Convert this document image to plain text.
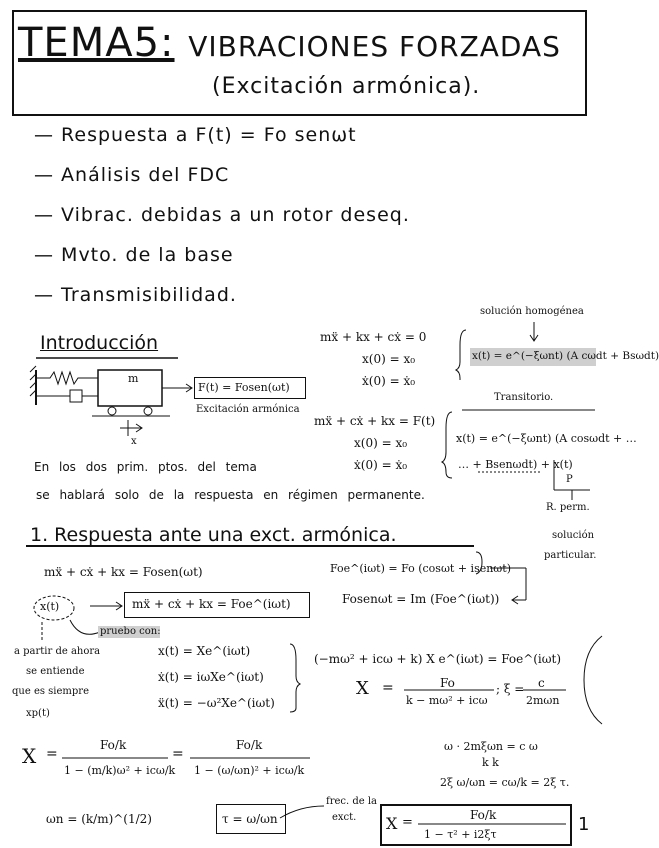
TEMA5: VIBRACIONES FORZADAS
(Excitación armónica).
— Respuesta a F(t) = Fo senωt
— Análisis del FDC
— Vibrac. debidas a un rotor deseq.
— Mvto. de la base
— Transmisibilidad.
Introducción
m
F(t) = Fosen(ωt)
Excitación armónica
x
mẍ + kx + cẋ = 0
x(0) = x₀
ẋ(0) = ẋ₀
solución homogénea
x(t) = e^(−ξωnt) (A cωdt + Bsωdt)
mẍ + cẋ + kx = F(t)
x(0) = x₀
ẋ(0) = ẋ₀
Transitorio.
x(t) = e^(−ξωnt) (A cosωdt + …
… + Bsenωdt) + x(t)
P
R. perm.
solución
particular.
En los dos prim. ptos. del tema
se hablará solo de la respuesta en régimen permanente.
1. Respuesta ante una exct. armónica.
mẍ + cẋ + kx = Fosen(ωt)	Foe^(iωt) = Fo (cosωt + isenωt)
x(t)	mẍ + cẋ + kx = Foe^(iωt)	Fosenωt = Im (Foe^(iωt))
pruebo con:
a partir de ahora
se entiende
que es siempre
xp(t)
x(t) = Xe^(iωt)
ẋ(t) = iωXe^(iωt)
ẍ(t) = −ω²Xe^(iωt)
(−mω² + icω + k) X e^(iωt) = Foe^(iωt)
X =	Fo
k − mω² + icω
; ξ = c
2mωn
X =
Fo/k
1 − (m/k)ω² + icω/k
=
Fo/k
1 − (ω/ωn)² + icω/k
ω · 2mξωn = c ω
k k
2ξ ω/ωn = cω/k = 2ξ τ.
ωn = (k/m)^(1/2)	τ = ω/ωn
frec. de la
exct. X =	Fo/k
1 − τ² + i2ξτ	1
